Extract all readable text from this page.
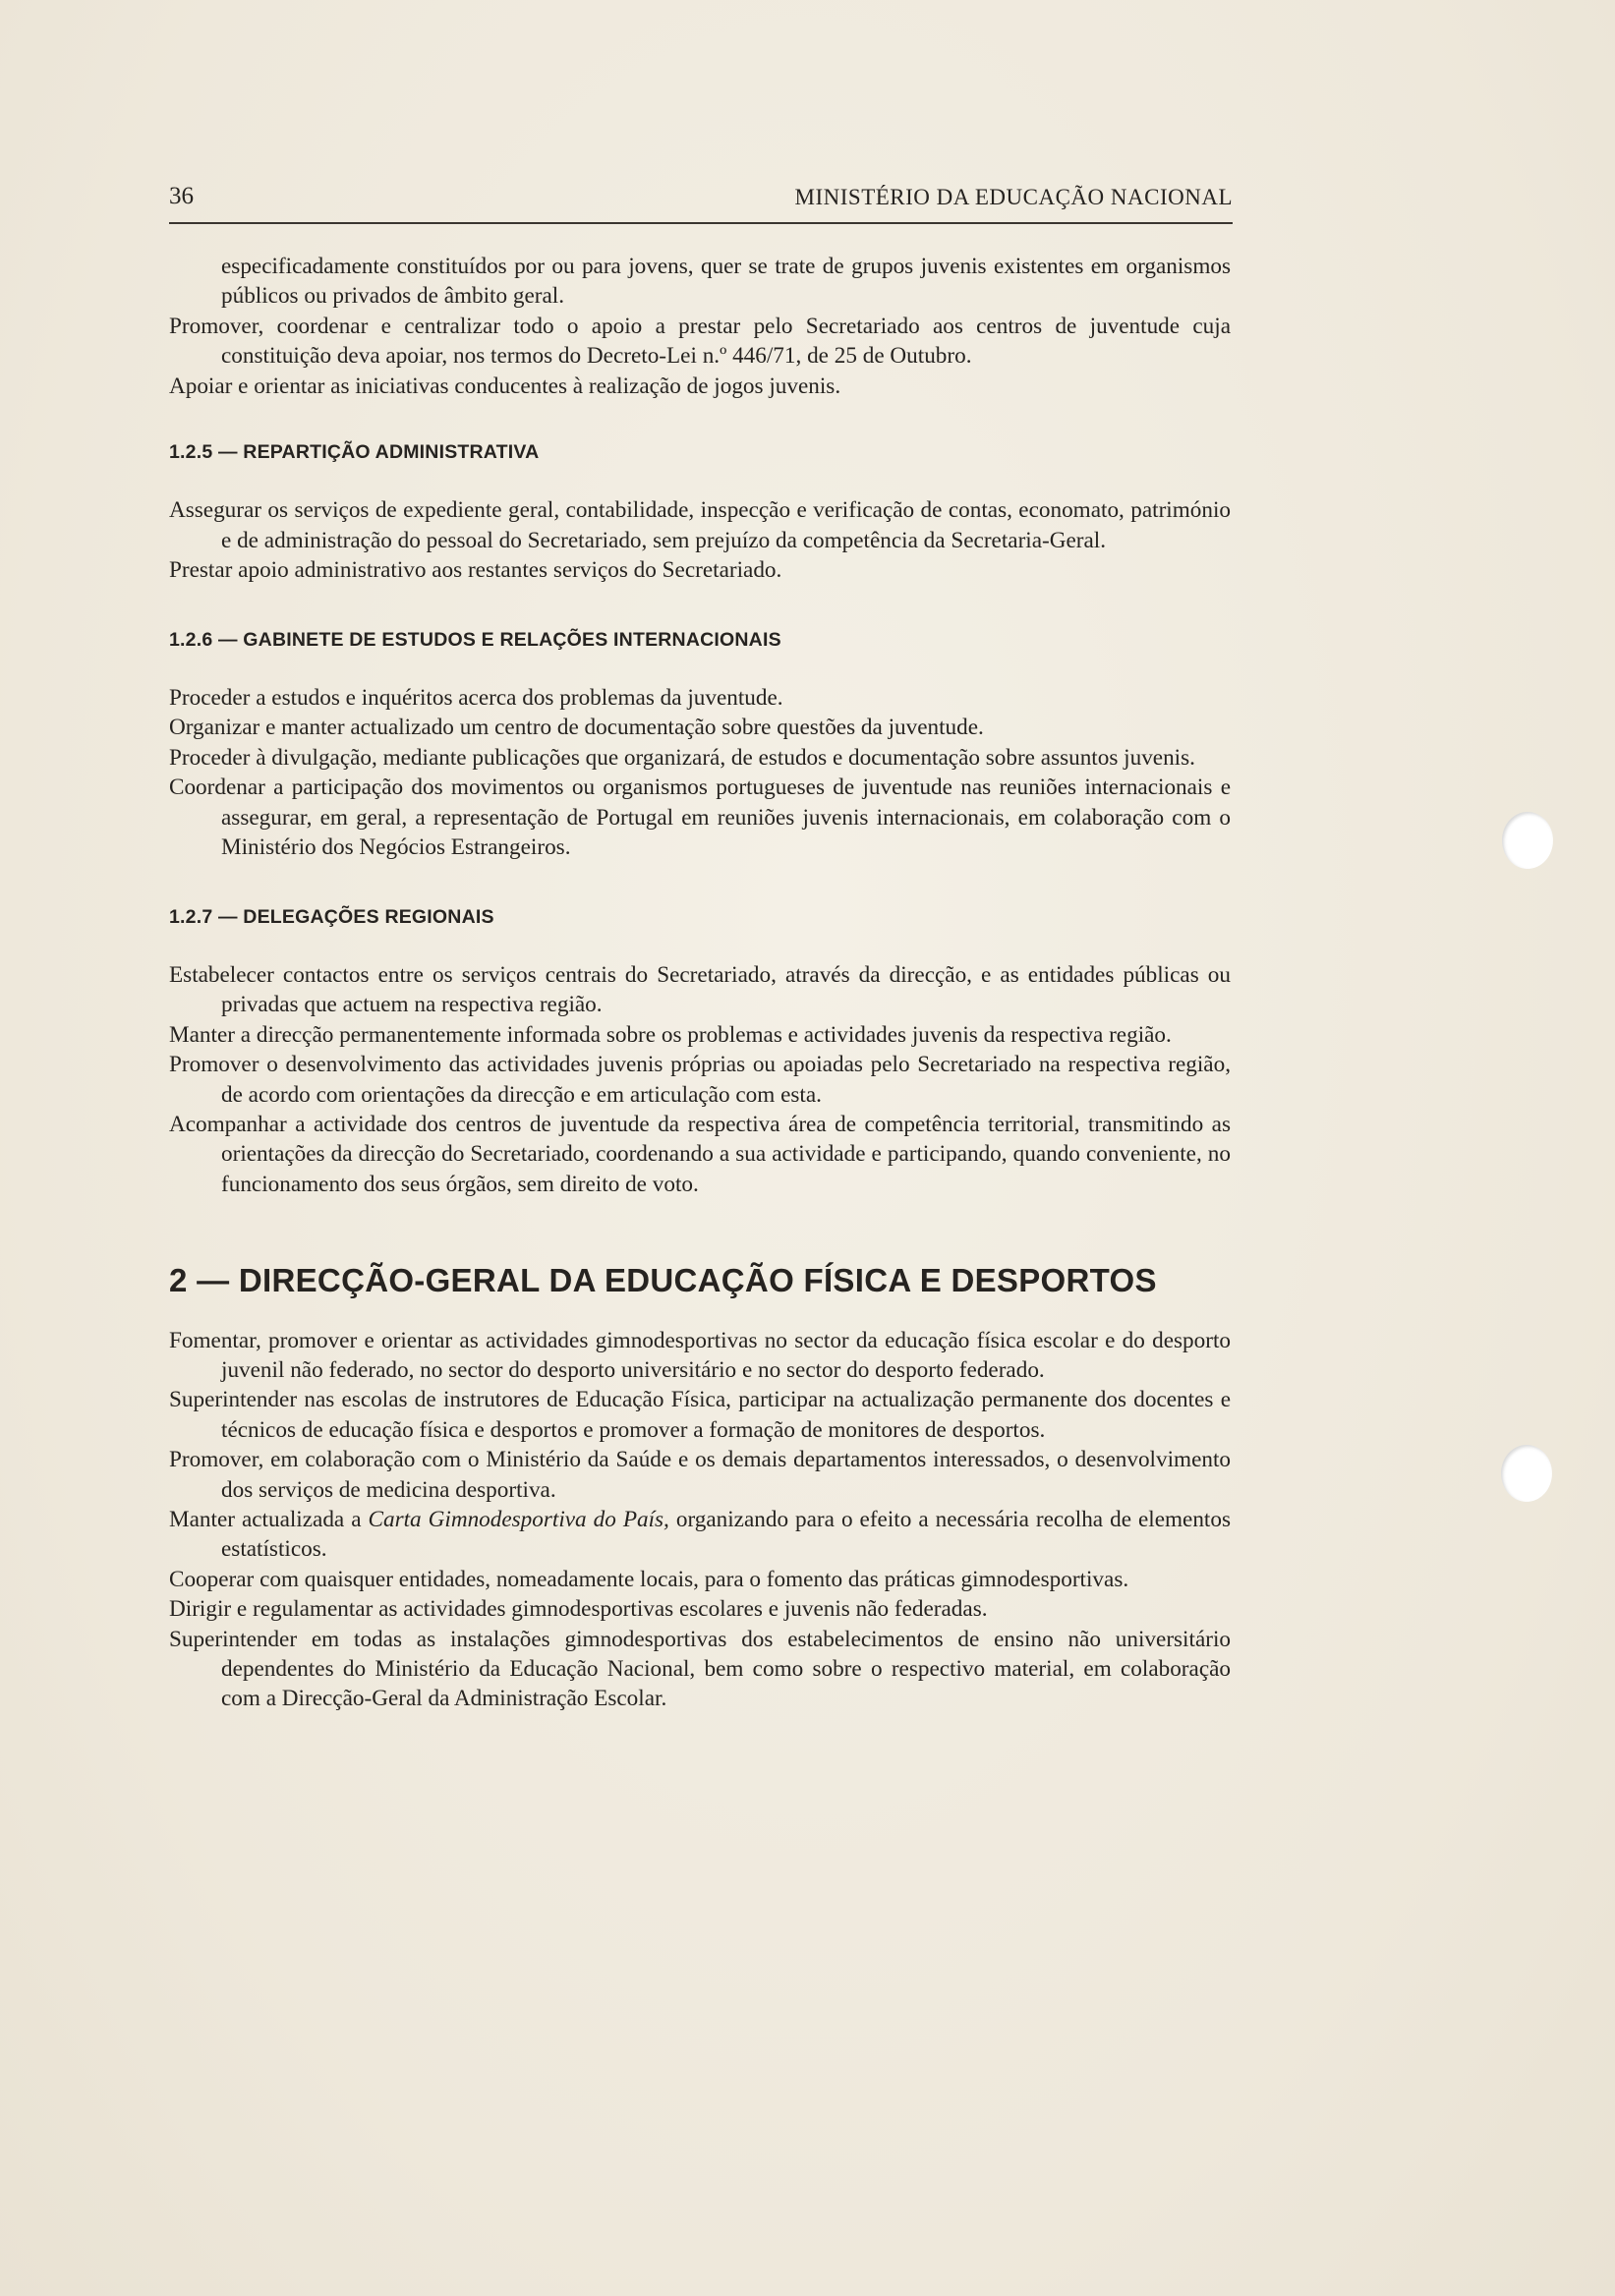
36	MINISTÉRIO DA EDUCAÇÃO NACIONAL

especificadamente constituídos por ou para jovens, quer se trate de grupos juvenis existentes em organismos públicos ou privados de âmbito geral.

Promover, coordenar e centralizar todo o apoio a prestar pelo Secretariado aos centros de juventude cuja constituição deva apoiar, nos termos do Decreto-Lei n.º 446/71, de 25 de Outubro.

Apoiar e orientar as iniciativas conducentes à realização de jogos juvenis.

1.2.5 — REPARTIÇÃO ADMINISTRATIVA

Assegurar os serviços de expediente geral, contabilidade, inspecção e verificação de contas, economato, património e de administração do pessoal do Secretariado, sem prejuízo da competência da Secretaria-Geral.

Prestar apoio administrativo aos restantes serviços do Secretariado.

1.2.6 — GABINETE DE ESTUDOS E RELAÇÕES INTERNACIONAIS

Proceder a estudos e inquéritos acerca dos problemas da juventude.

Organizar e manter actualizado um centro de documentação sobre questões da juventude.

Proceder à divulgação, mediante publicações que organizará, de estudos e documentação sobre assuntos juvenis.

Coordenar a participação dos movimentos ou organismos portugueses de juventude nas reuniões internacionais e assegurar, em geral, a representação de Portugal em reuniões juvenis internacionais, em colaboração com o Ministério dos Negócios Estrangeiros.

1.2.7 — DELEGAÇÕES REGIONAIS

Estabelecer contactos entre os serviços centrais do Secretariado, através da direcção, e as entidades públicas ou privadas que actuem na respectiva região.

Manter a direcção permanentemente informada sobre os problemas e actividades juvenis da respectiva região.

Promover o desenvolvimento das actividades juvenis próprias ou apoiadas pelo Secretariado na respectiva região, de acordo com orientações da direcção e em articulação com esta.

Acompanhar a actividade dos centros de juventude da respectiva área de competência territorial, transmitindo as orientações da direcção do Secretariado, coordenando a sua actividade e participando, quando conveniente, no funcionamento dos seus órgãos, sem direito de voto.

2 — DIRECÇÃO-GERAL DA EDUCAÇÃO FÍSICA E DESPORTOS

Fomentar, promover e orientar as actividades gimnodesportivas no sector da educação física escolar e do desporto juvenil não federado, no sector do desporto universitário e no sector do desporto federado.

Superintender nas escolas de instrutores de Educação Física, participar na actualização permanente dos docentes e técnicos de educação física e desportos e promover a formação de monitores de desportos.

Promover, em colaboração com o Ministério da Saúde e os demais departamentos interessados, o desenvolvimento dos serviços de medicina desportiva.

Manter actualizada a Carta Gimnodesportiva do País, organizando para o efeito a necessária recolha de elementos estatísticos.

Cooperar com quaisquer entidades, nomeadamente locais, para o fomento das práticas gimnodesportivas.

Dirigir e regulamentar as actividades gimnodesportivas escolares e juvenis não federadas.

Superintender em todas as instalações gimnodesportivas dos estabelecimentos de ensino não universitário dependentes do Ministério da Educação Nacional, bem como sobre o respectivo material, em colaboração com a Direcção-Geral da Administração Escolar.
